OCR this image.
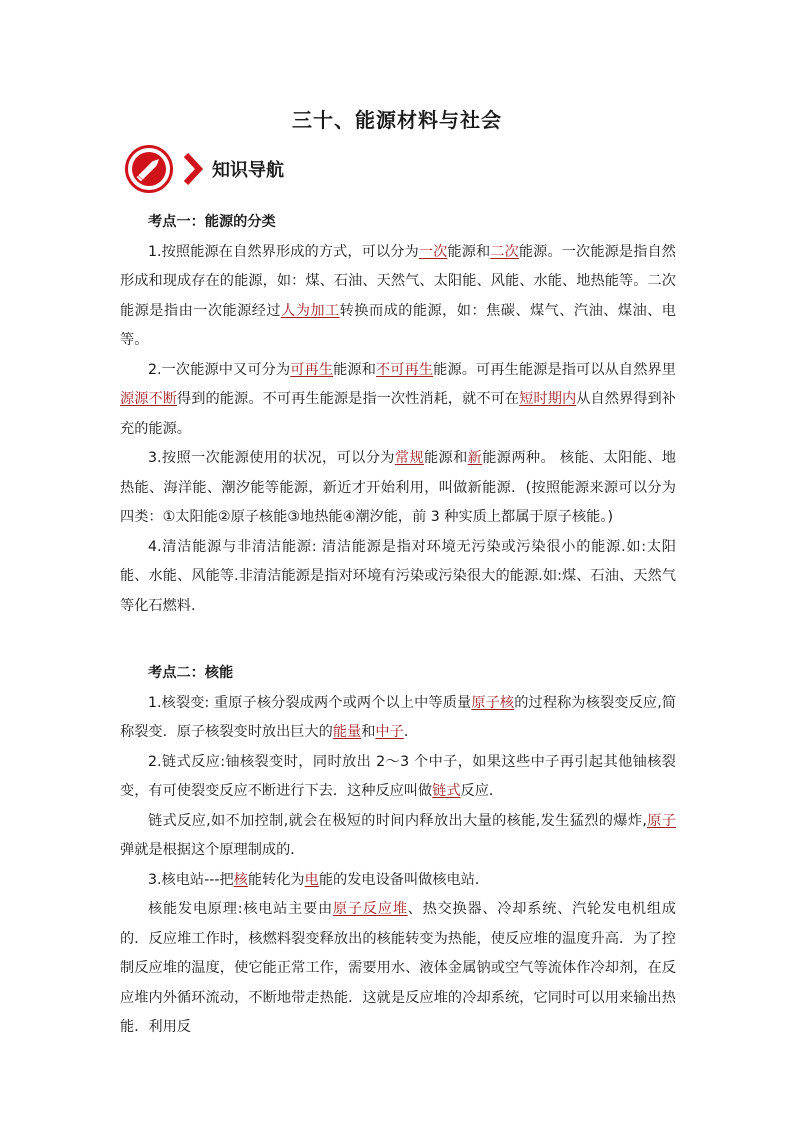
三十、能源材料与社会
知识导航

考点一：能源的分类

1.按照能源在自然界形成的方式，可以分为一次能源和二次能源。一次能源是指自然形成和现成存在的能源，如：煤、石油、天然气、太阳能、风能、水能、地热能等。二次能源是指由一次能源经过人为加工转换而成的能源，如：焦碳、煤气、汽油、煤油、电等。

2.一次能源中又可分为可再生能源和不可再生能源。可再生能源是指可以从自然界里源源不断得到的能源。不可再生能源是指一次性消耗，就不可在短时期内从自然界得到补充的能源。

3.按照一次能源使用的状况，可以分为常规能源和新能源两种。 核能、太阳能、地热能、海洋能、潮汐能等能源，新近才开始利用，叫做新能源．(按照能源来源可以分为四类：①太阳能②原子核能③地热能④潮汐能，前 3 种实质上都属于原子核能。)

4.清洁能源与非清洁能源: 清洁能源是指对环境无污染或污染很小的能源.如:太阳能、水能、风能等.非清洁能源是指对环境有污染或污染很大的能源.如:煤、石油、天然气等化石燃料.

考点二：核能

1.核裂变: 重原子核分裂成两个或两个以上中等质量原子核的过程称为核裂变反应,简称裂变．原子核裂变时放出巨大的能量和中子．

2.链式反应:铀核裂变时，同时放出 2～3 个中子，如果这些中子再引起其他铀核裂变，有可使裂变反应不断进行下去．这种反应叫做链式反应．

链式反应,如不加控制,就会在极短的时间内释放出大量的核能,发生猛烈的爆炸,原子弹就是根据这个原理制成的．

3.核电站---把核能转化为电能的发电设备叫做核电站．

核能发电原理:核电站主要由原子反应堆、热交换器、冷却系统、汽轮发电机组成的．反应堆工作时，核燃料裂变释放出的核能转变为热能，使反应堆的温度升高．为了控制反应堆的温度，使它能正常工作，需要用水、液体金属钠或空气等流体作冷却剂，在反应堆内外循环流动，不断地带走热能．这就是反应堆的冷却系统，它同时可以用来输出热能．利用反
